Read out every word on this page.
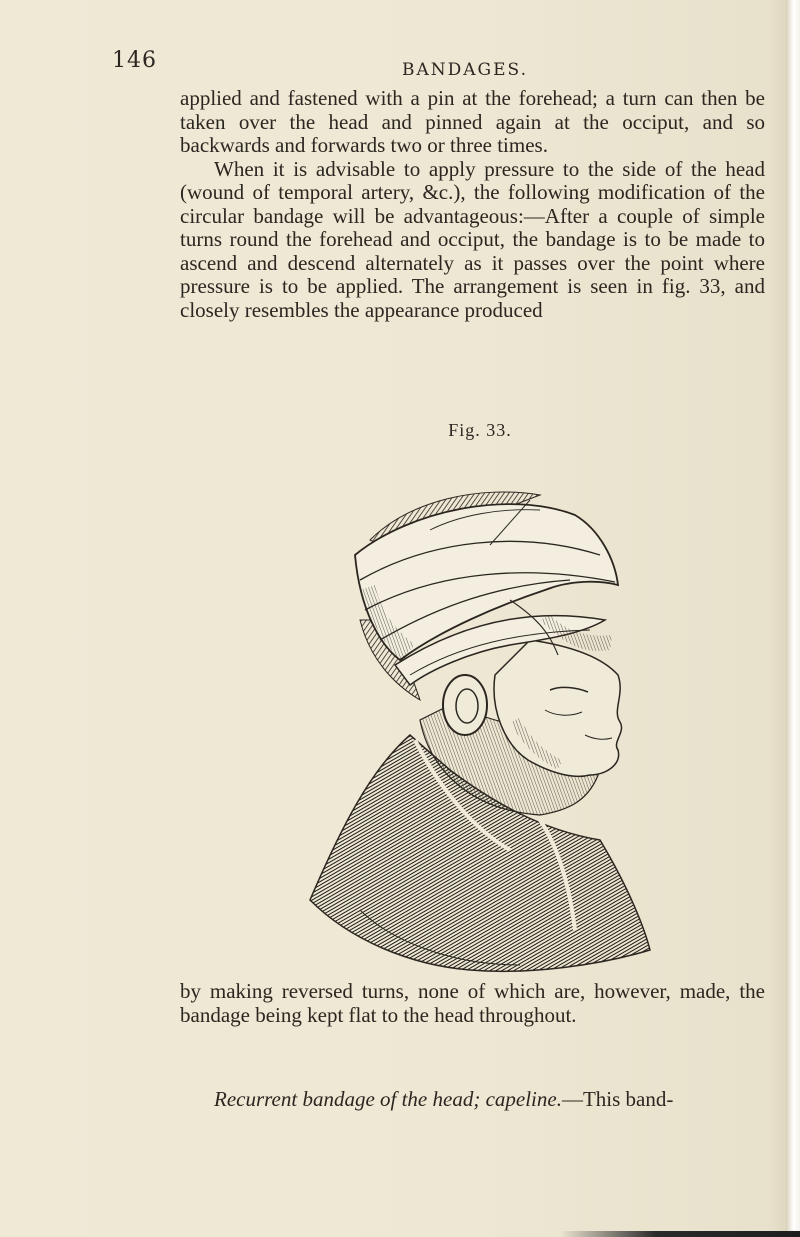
146	BANDAGES.

applied and fastened with a pin at the forehead; a turn can then be taken over the head and pinned again at the occiput, and so backwards and forwards two or three times.

When it is advisable to apply pressure to the side of the head (wound of temporal artery, &c.), the following modification of the circular bandage will be advantageous:—After a couple of simple turns round the forehead and occiput, the bandage is to be made to ascend and descend alternately as it passes over the point where pressure is to be applied. The arrangement is seen in fig. 33, and closely resembles the appearance produced

Fig. 33.

by making reversed turns, none of which are, however, made, the bandage being kept flat to the head throughout.

Recurrent bandage of the head; capeline.—This band-
